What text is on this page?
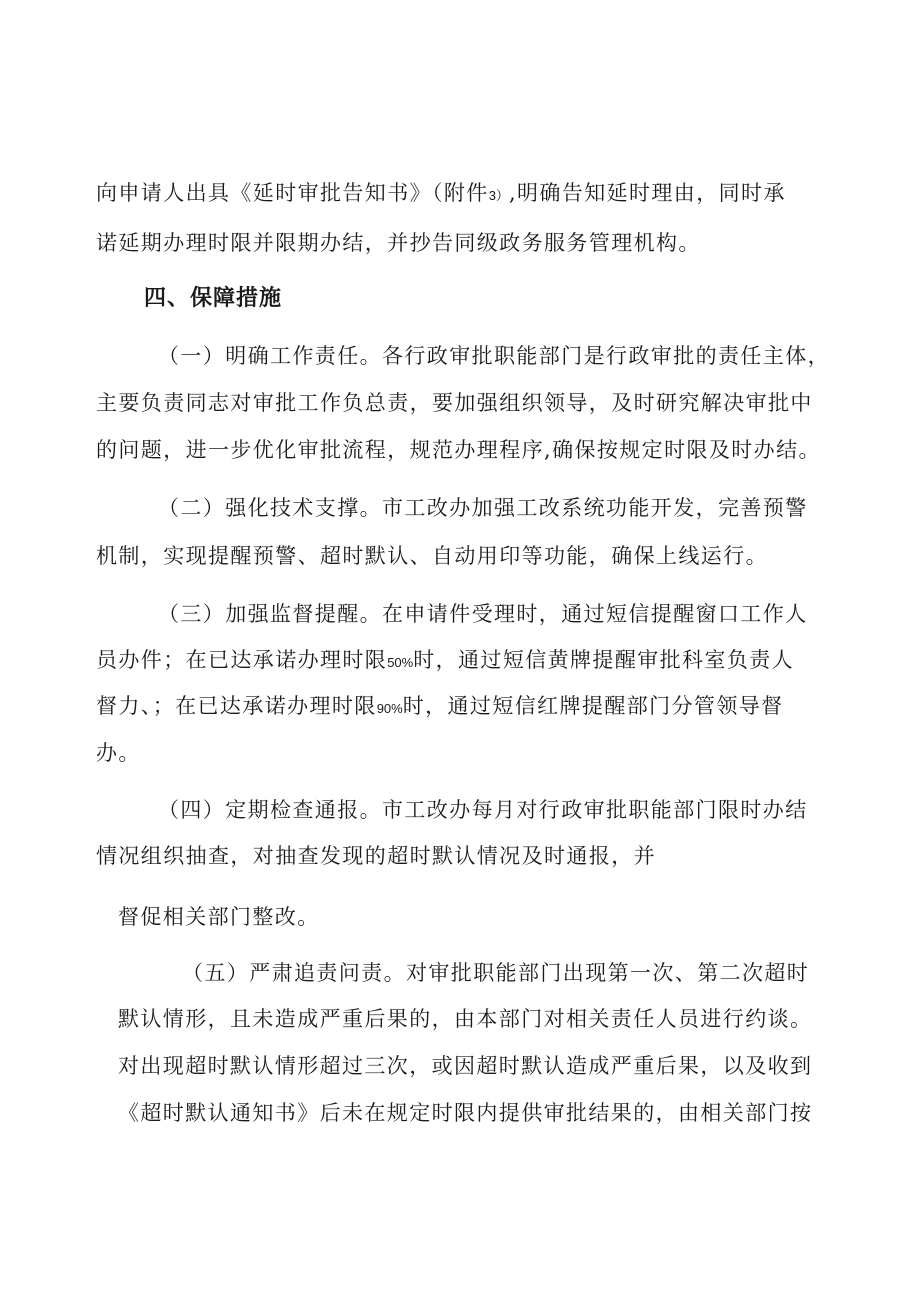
向申请人出具《延时审批告知书》（附件3）,明确告知延时理由，同时承
诺延期办理时限并限期办结，并抄告同级政务服务管理机构。
四、保障措施
（一）明确工作责任。各行政审批职能部门是行政审批的责任主体，
主要负责同志对审批工作负总责，要加强组织领导，及时研究解决审批中
的问题，进一步优化审批流程，规范办理程序,确保按规定时限及时办结。
（二）强化技术支撑。市工改办加强工改系统功能开发，完善预警
机制，实现提醒预警、超时默认、自动用印等功能，确保上线运行。
（三）加强监督提醒。在申请件受理时，通过短信提醒窗口工作人
员办件；在已达承诺办理时限50%时，通过短信黄牌提醒审批科室负责人
督力、；在已达承诺办理时限90%时，通过短信红牌提醒部门分管领导督
办。
（四）定期检查通报。市工改办每月对行政审批职能部门限时办结
情况组织抽查，对抽查发现的超时默认情况及时通报，并
督促相关部门整改。
（五）严肃追责问责。对审批职能部门出现第一次、第二次超时
默认情形，且未造成严重后果的，由本部门对相关责任人员进行约谈。
对出现超时默认情形超过三次，或因超时默认造成严重后果，以及收到
《超时默认通知书》后未在规定时限内提供审批结果的，由相关部门按
